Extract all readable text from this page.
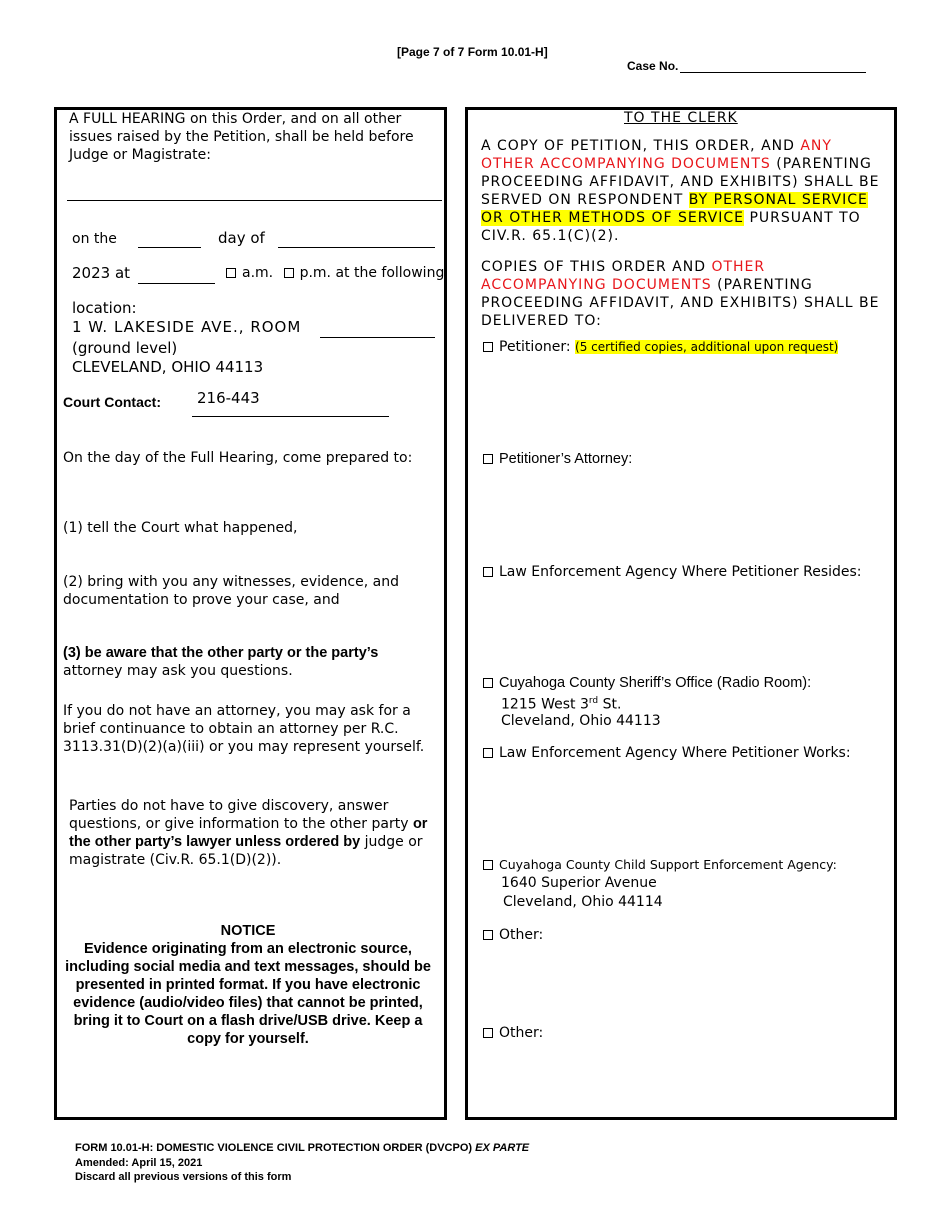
[Page 7 of 7 Form 10.01-H]
Case No.
A FULL HEARING on this Order, and on all other issues raised by the Petition, shall be held before Judge or Magistrate:
on the	day of
2023 at	a.m. p.m. at the following
location:
1 W. LAKESIDE AVE., ROOM
(ground level)
CLEVELAND, OHIO 44113
Court Contact: 216-443
On the day of the Full Hearing, come prepared to:
(1) tell the Court what happened,
(2) bring with you any witnesses, evidence, and documentation to prove your case, and
(3) be aware that the other party or the party’s
attorney may ask you questions.
If you do not have an attorney, you may ask for a brief continuance to obtain an attorney per R.C. 3113.31(D)(2)(a)(iii) or you may represent yourself.
Parties do not have to give discovery, answer questions, or give information to the other party or the other party’s lawyer unless ordered by judge or magistrate (Civ.R. 65.1(D)(2)).
NOTICE
Evidence originating from an electronic source, including social media and text messages, should be presented in printed format. If you have electronic evidence (audio/video files) that cannot be printed, bring it to Court on a flash drive/USB drive. Keep a copy for yourself.
TO THE CLERK
A COPY OF PETITION, THIS ORDER, AND ANY OTHER ACCOMPANYING DOCUMENTS (PARENTING PROCEEDING AFFIDAVIT, AND EXHIBITS) SHALL BE SERVED ON RESPONDENT BY PERSONAL SERVICE OR OTHER METHODS OF SERVICE PURSUANT TO CIV.R. 65.1(C)(2).
COPIES OF THIS ORDER AND OTHER ACCOMPANYING DOCUMENTS (PARENTING PROCEEDING AFFIDAVIT, AND EXHIBITS) SHALL BE DELIVERED TO:
Petitioner: (5 certified copies, additional upon request)
Petitioner’s Attorney:
Law Enforcement Agency Where Petitioner Resides:
Cuyahoga County Sheriff’s Office (Radio Room):
1215 West 3rd St.
Cleveland, Ohio 44113
Law Enforcement Agency Where Petitioner Works:
Cuyahoga County Child Support Enforcement Agency:
1640 Superior Avenue
Cleveland, Ohio 44114
Other:
Other:
FORM 10.01-H: DOMESTIC VIOLENCE CIVIL PROTECTION ORDER (DVCPO) EX PARTE
Amended: April 15, 2021
Discard all previous versions of this form
